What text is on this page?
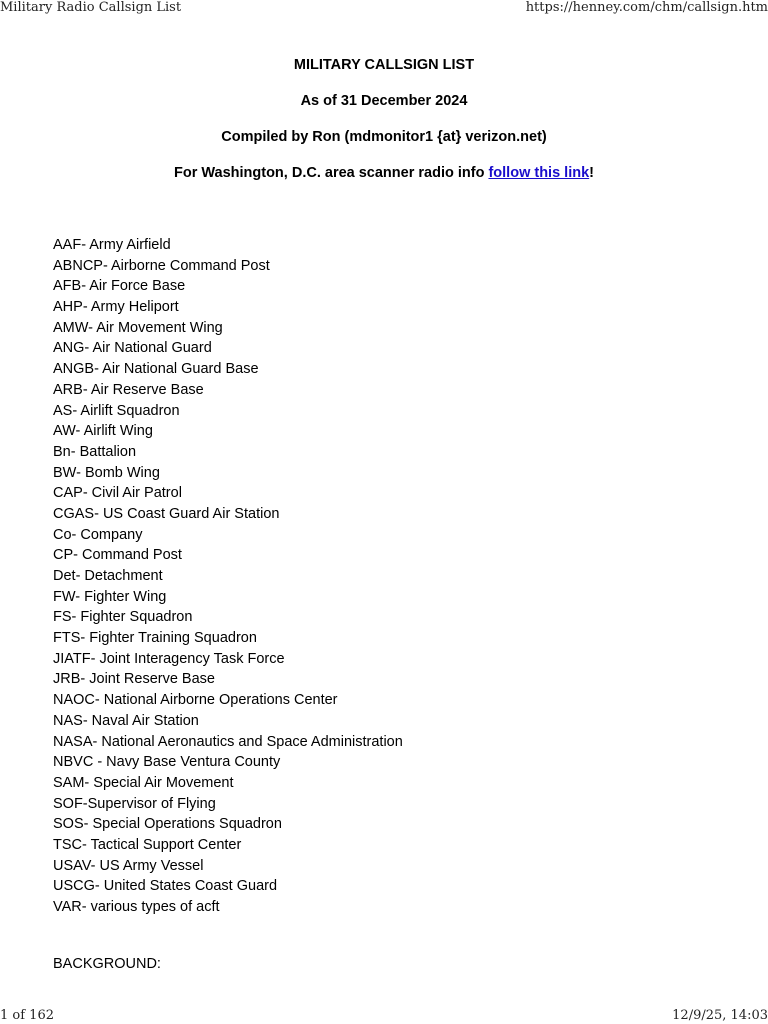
Military Radio Callsign List	https://henney.com/chm/callsign.htm
MILITARY CALLSIGN LIST
As of 31 December 2024
Compiled by Ron (mdmonitor1 {at} verizon.net)
For Washington, D.C. area scanner radio info follow this link!
AAF- Army Airfield
ABNCP- Airborne Command Post
AFB- Air Force Base
AHP- Army Heliport
AMW- Air Movement Wing
ANG- Air National Guard
ANGB- Air National Guard Base
ARB- Air Reserve Base
AS- Airlift Squadron
AW- Airlift Wing
Bn- Battalion
BW- Bomb Wing
CAP- Civil Air Patrol
CGAS- US Coast Guard Air Station
Co- Company
CP- Command Post
Det- Detachment
FW- Fighter Wing
FS- Fighter Squadron
FTS- Fighter Training Squadron
JIATF- Joint Interagency Task Force
JRB- Joint Reserve Base
NAOC- National Airborne Operations Center
NAS- Naval Air Station
NASA- National Aeronautics and Space Administration
NBVC - Navy Base Ventura County
SAM- Special Air Movement
SOF-Supervisor of Flying
SOS- Special Operations Squadron
TSC- Tactical Support Center
USAV- US Army Vessel
USCG- United States Coast Guard
VAR- various types of acft
BACKGROUND:
1 of 162	12/9/25, 14:03
